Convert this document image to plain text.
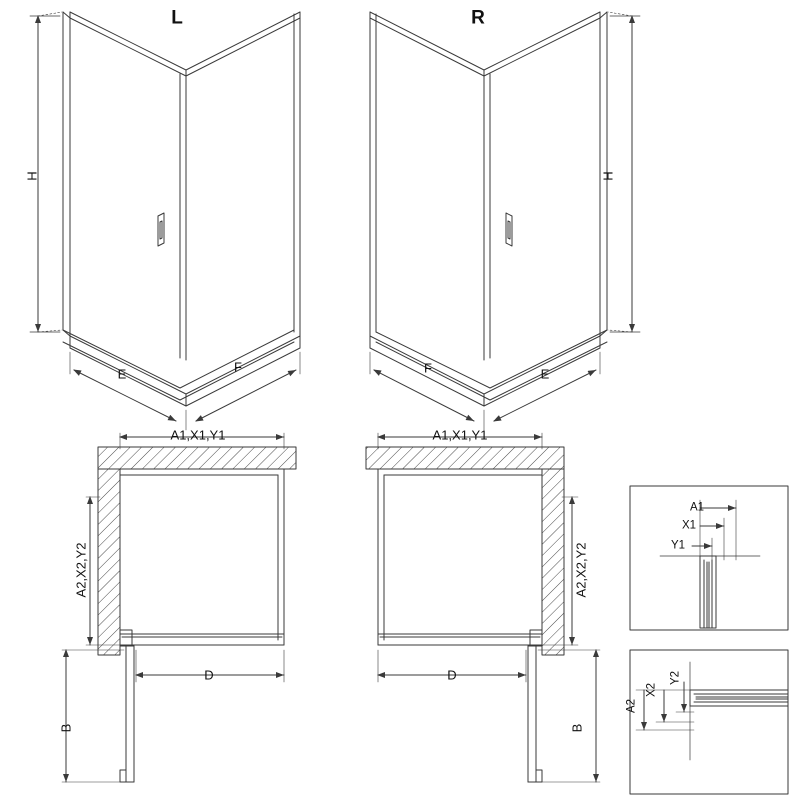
L	R
H	H
E	F	F	E
A1,X1,Y1	A1,X1,Y1
A2,X2,Y2	A2,X2,Y2
D	D
B	B
A1
X1
Y1
A2
X2
Y2
